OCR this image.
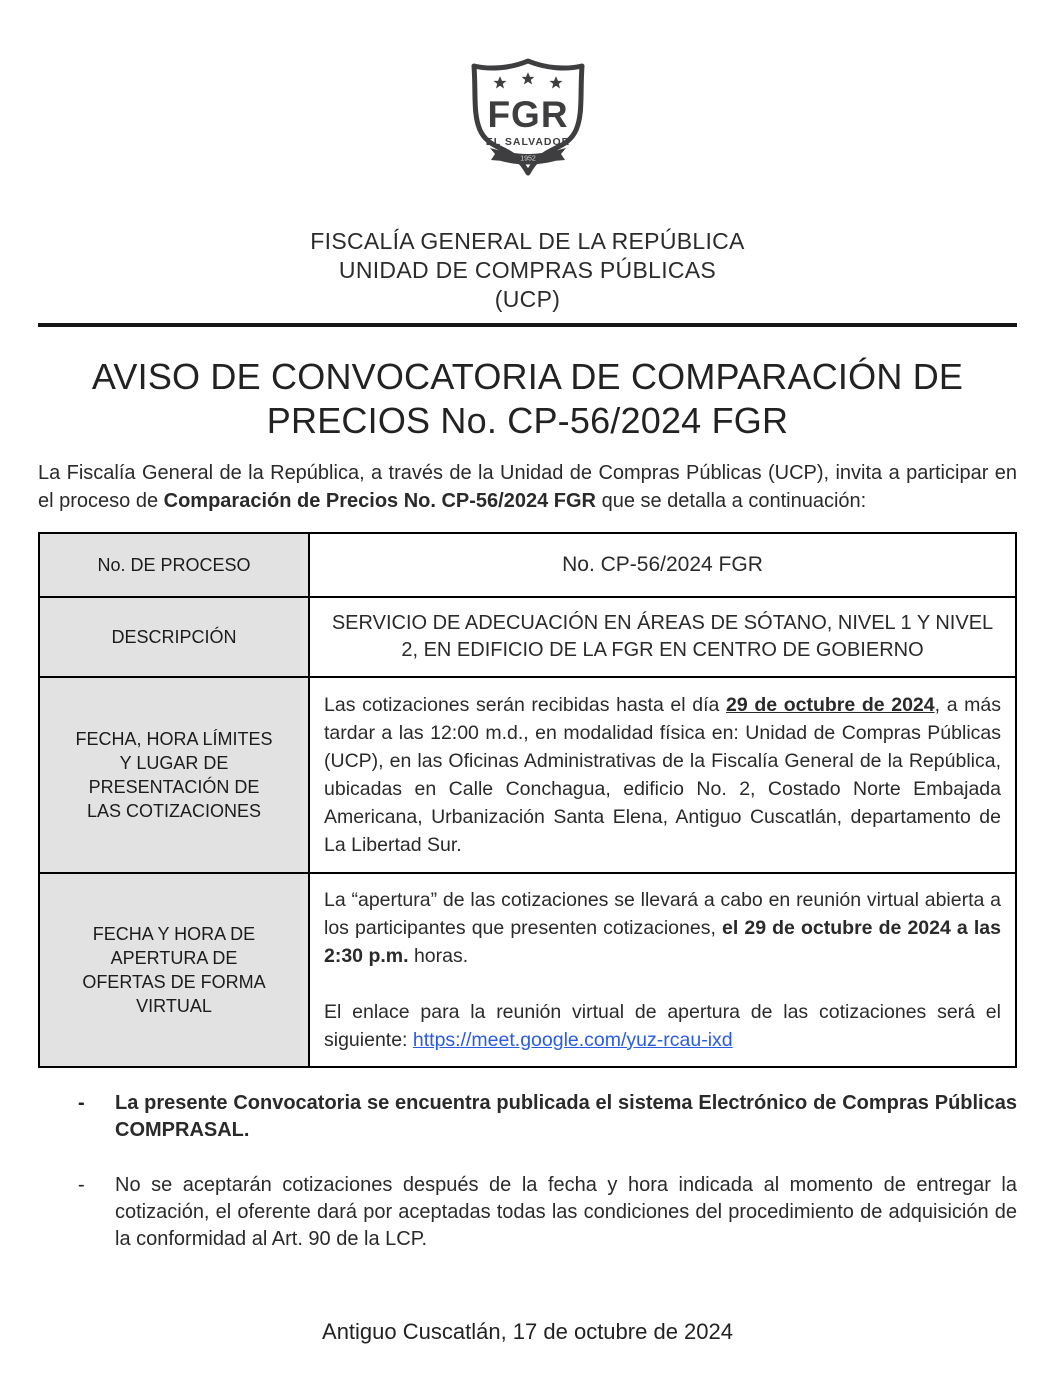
FGR
EL SALVADOR
1952
FISCALÍA GENERAL DE LA REPÚBLICA
UNIDAD DE COMPRAS PÚBLICAS
(UCP)
AVISO DE CONVOCATORIA DE COMPARACIÓN DE
PRECIOS No. CP-56/2024 FGR

La Fiscalía General de la República, a través de la Unidad de Compras Públicas (UCP), invita a participar en el proceso de Comparación de Precios No. CP-56/2024 FGR que se detalla a continuación:

No. DE PROCESO	No. CP-56/2024 FGR
DESCRIPCIÓN	SERVICIO DE ADECUACIÓN EN ÁREAS DE SÓTANO, NIVEL 1 Y NIVEL 2, EN EDIFICIO DE LA FGR EN CENTRO DE GOBIERNO
FECHA, HORA LÍMITES Y LUGAR DE PRESENTACIÓN DE LAS COTIZACIONES	Las cotizaciones serán recibidas hasta el día 29 de octubre de 2024, a más tardar a las 12:00 m.d., en modalidad física en: Unidad de Compras Públicas (UCP), en las Oficinas Administrativas de la Fiscalía General de la República, ubicadas en Calle Conchagua, edificio No. 2, Costado Norte Embajada Americana, Urbanización Santa Elena, Antiguo Cuscatlán, departamento de La Libertad Sur.

FECHA Y HORA DE APERTURA DE OFERTAS DE FORMA VIRTUAL	La “apertura” de las cotizaciones se llevará a cabo en reunión virtual abierta a los participantes que presenten cotizaciones, el 29 de octubre de 2024 a las 2:30 p.m. horas.

El enlace para la reunión virtual de apertura de las cotizaciones será el siguiente: https://meet.google.com/yuz-rcau-ixd

-	La presente Convocatoria se encuentra publicada el sistema Electrónico de Compras Públicas COMPRASAL.

-	No se aceptarán cotizaciones después de la fecha y hora indicada al momento de entregar la cotización, el oferente dará por aceptadas todas las condiciones del procedimiento de adquisición de la conformidad al Art. 90 de la LCP.

Antiguo Cuscatlán, 17 de octubre de 2024
